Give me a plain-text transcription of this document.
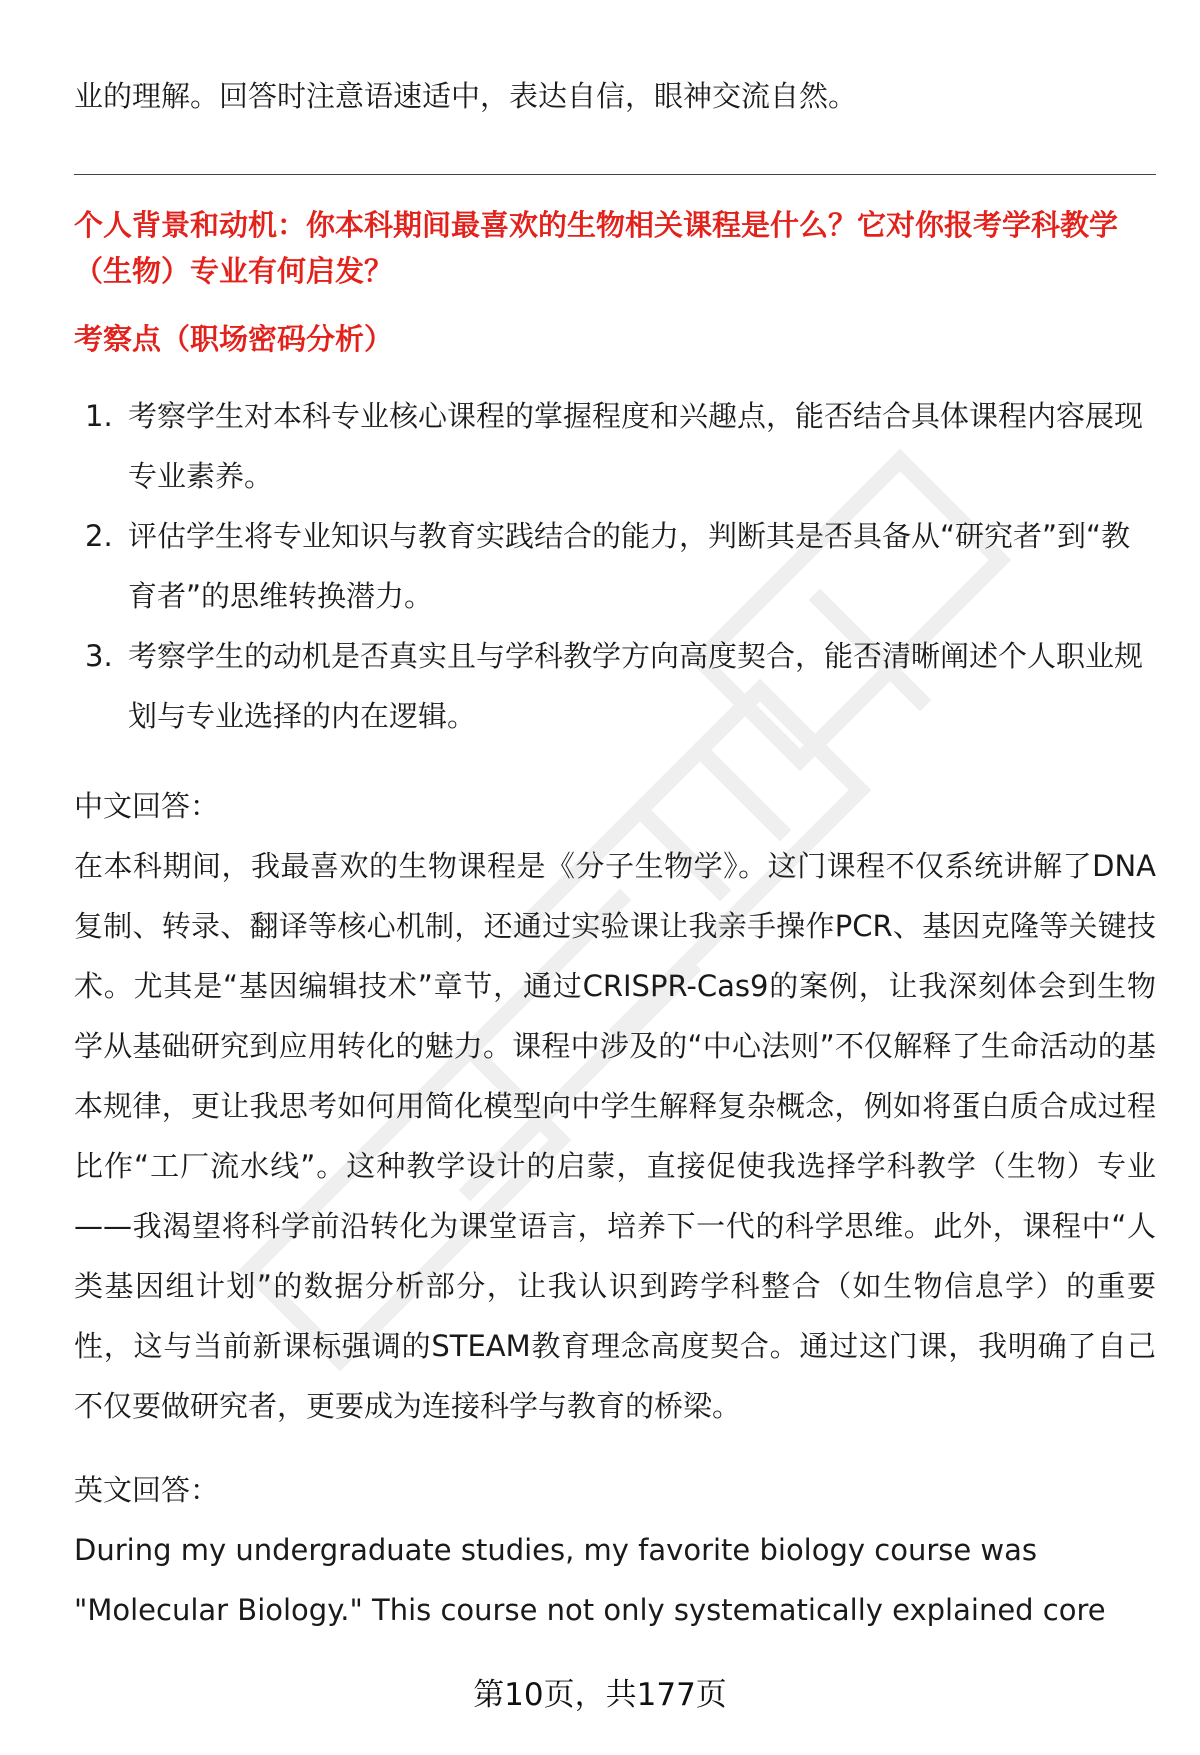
业的理解。回答时注意语速适中，表达自信，眼神交流自然。

个人背景和动机：你本科期间最喜欢的生物相关课程是什么？它对你报考学科教学（生物）专业有何启发？

考察点（职场密码分析）

1. 考察学生对本科专业核心课程的掌握程度和兴趣点，能否结合具体课程内容展现专业素养。
2. 评估学生将专业知识与教育实践结合的能力，判断其是否具备从“研究者”到“教育者”的思维转换潜力。
3. 考察学生的动机是否真实且与学科教学方向高度契合，能否清晰阐述个人职业规划与专业选择的内在逻辑。

中文回答：

在本科期间，我最喜欢的生物课程是《分子生物学》。这门课程不仅系统讲解了DNA复制、转录、翻译等核心机制，还通过实验课让我亲手操作PCR、基因克隆等关键技术。尤其是“基因编辑技术”章节，通过CRISPR-Cas9的案例，让我深刻体会到生物学从基础研究到应用转化的魅力。课程中涉及的“中心法则”不仅解释了生命活动的基本规律，更让我思考如何用简化模型向中学生解释复杂概念，例如将蛋白质合成过程比作“工厂流水线”。这种教学设计的启蒙，直接促使我选择学科教学（生物）专业——我渴望将科学前沿转化为课堂语言，培养下一代的科学思维。此外，课程中“人类基因组计划”的数据分析部分，让我认识到跨学科整合（如生物信息学）的重要性，这与当前新课标强调的STEAM教育理念高度契合。通过这门课，我明确了自己不仅要做研究者，更要成为连接科学与教育的桥梁。

英文回答：

During my undergraduate studies, my favorite biology course was "Molecular Biology." This course not only systematically explained core

第10页，共177页
